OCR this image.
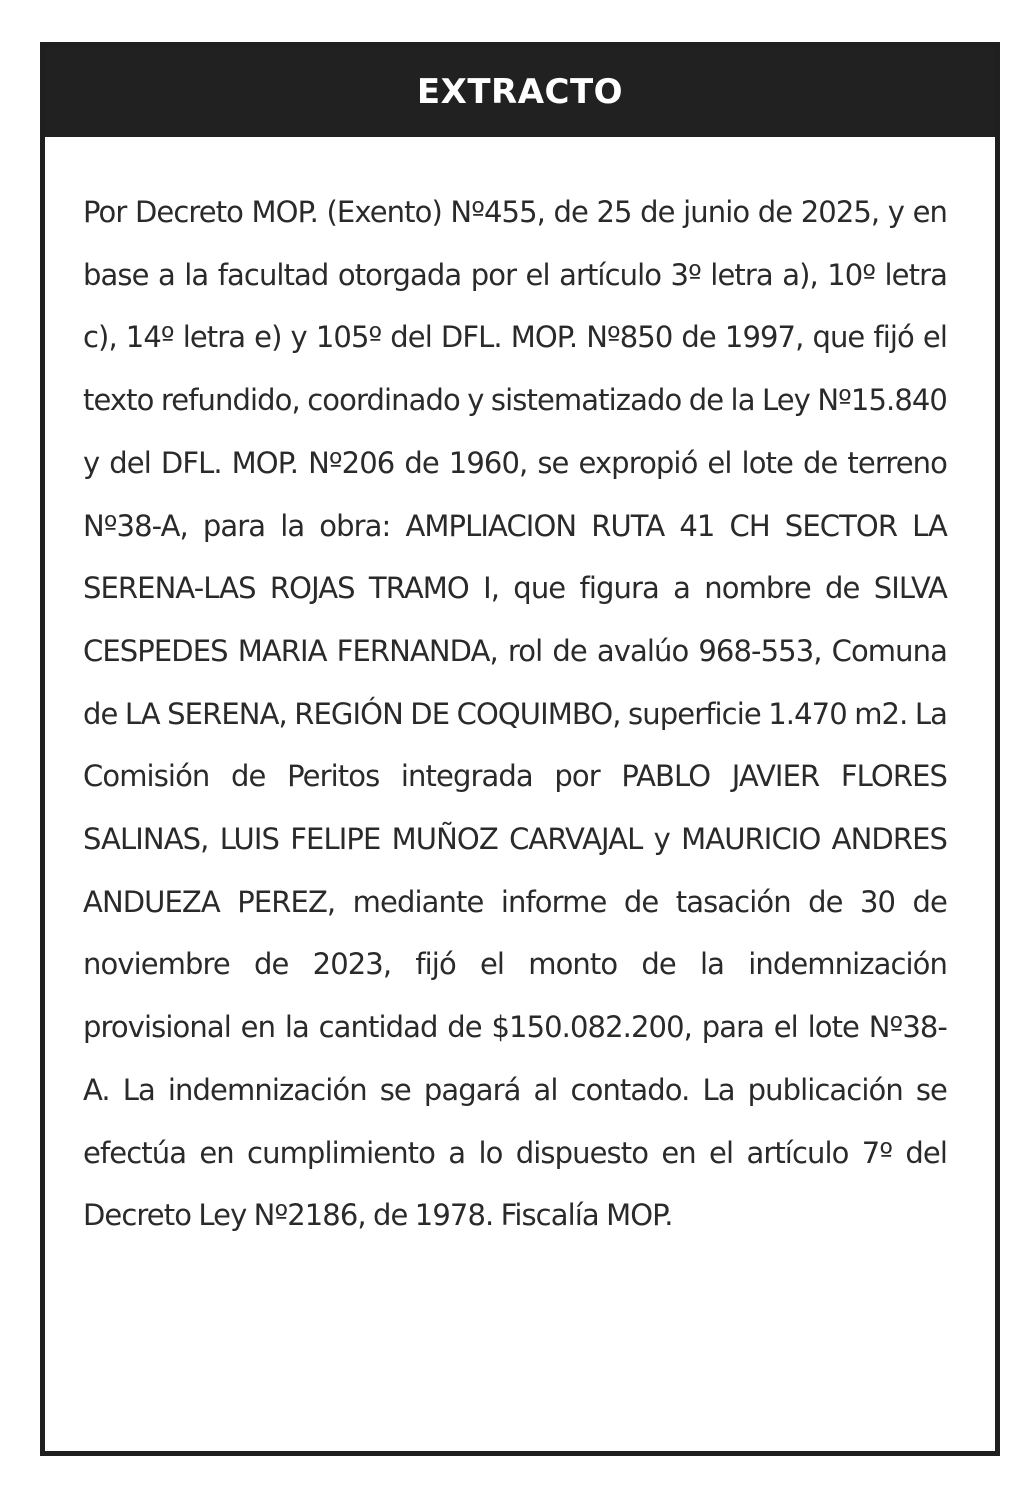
EXTRACTO
Por Decreto MOP. (Exento) Nº455, de 25 de junio de 2025, y en base a la facultad otorgada por el artículo 3º letra a), 10º letra c), 14º letra e) y 105º del DFL. MOP. Nº850 de 1997, que fijó el texto refundido, coordinado y sistematizado de la Ley Nº15.840 y del DFL. MOP. Nº206 de 1960, se expropió el lote de terreno Nº38-A, para la obra: AMPLIACION RUTA 41 CH SECTOR LA SERENA-LAS ROJAS TRAMO I, que figura a nombre de SILVA CESPEDES MARIA FERNANDA, rol de avalúo 968-553, Comuna de LA SERENA, REGIÓN DE COQUIMBO, superficie 1.470 m2. La Comisión de Peritos integrada por PABLO JAVIER FLORES SALINAS, LUIS FELIPE MUÑOZ CARVAJAL y MAURICIO ANDRES ANDUEZA PEREZ, mediante informe de tasación de 30 de noviembre de 2023, fijó el monto de la indemnización provisional en la cantidad de $150.082.200, para el lote Nº38-A. La indemnización se pagará al contado. La publicación se efectúa en cumplimiento a lo dispuesto en el artículo 7º del Decreto Ley Nº2186, de 1978. Fiscalía MOP.
